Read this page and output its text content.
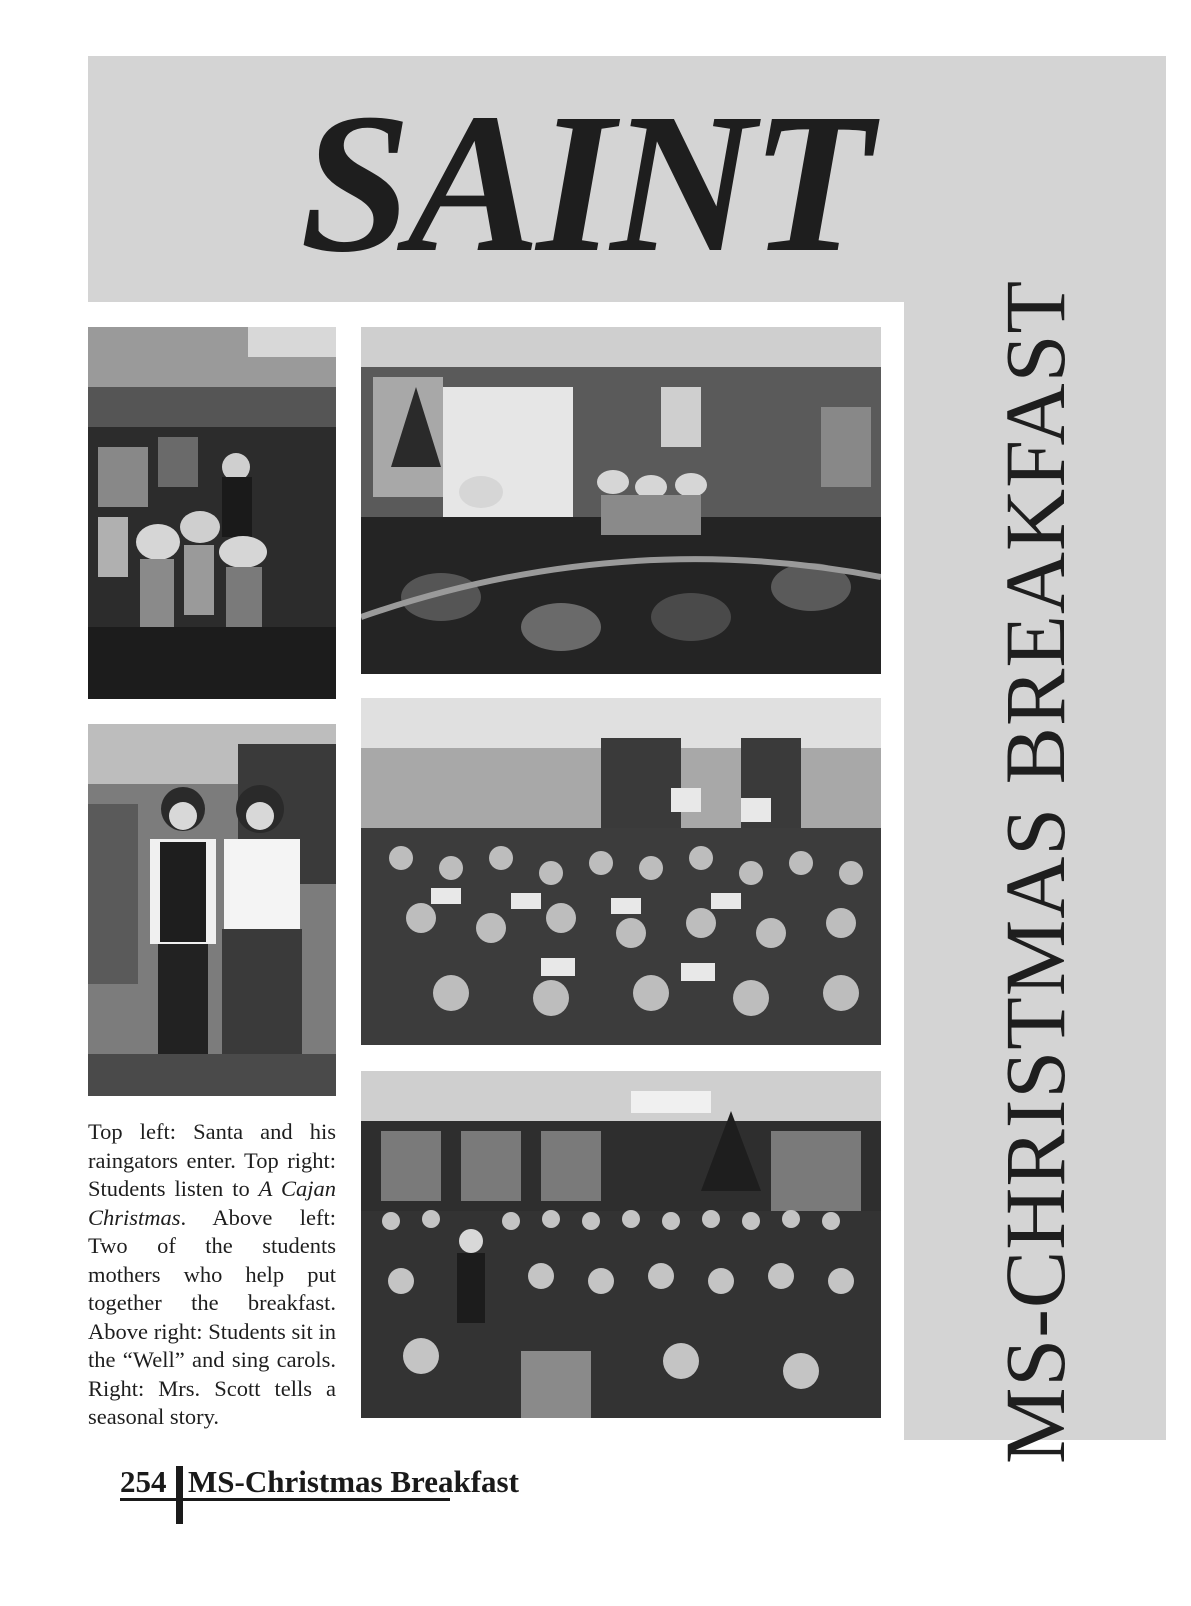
SAINT
MS-CHRISTMAS BREAKFAST

Top left: Santa and his raingators enter. Top right: Students listen to A Cajan Christmas. Above left: Two of the students mothers who help put together the breakfast. Above right: Students sit in the “Well” and sing carols. Right: Mrs. Scott tells a seasonal story.

254 MS-Christmas Breakfast
